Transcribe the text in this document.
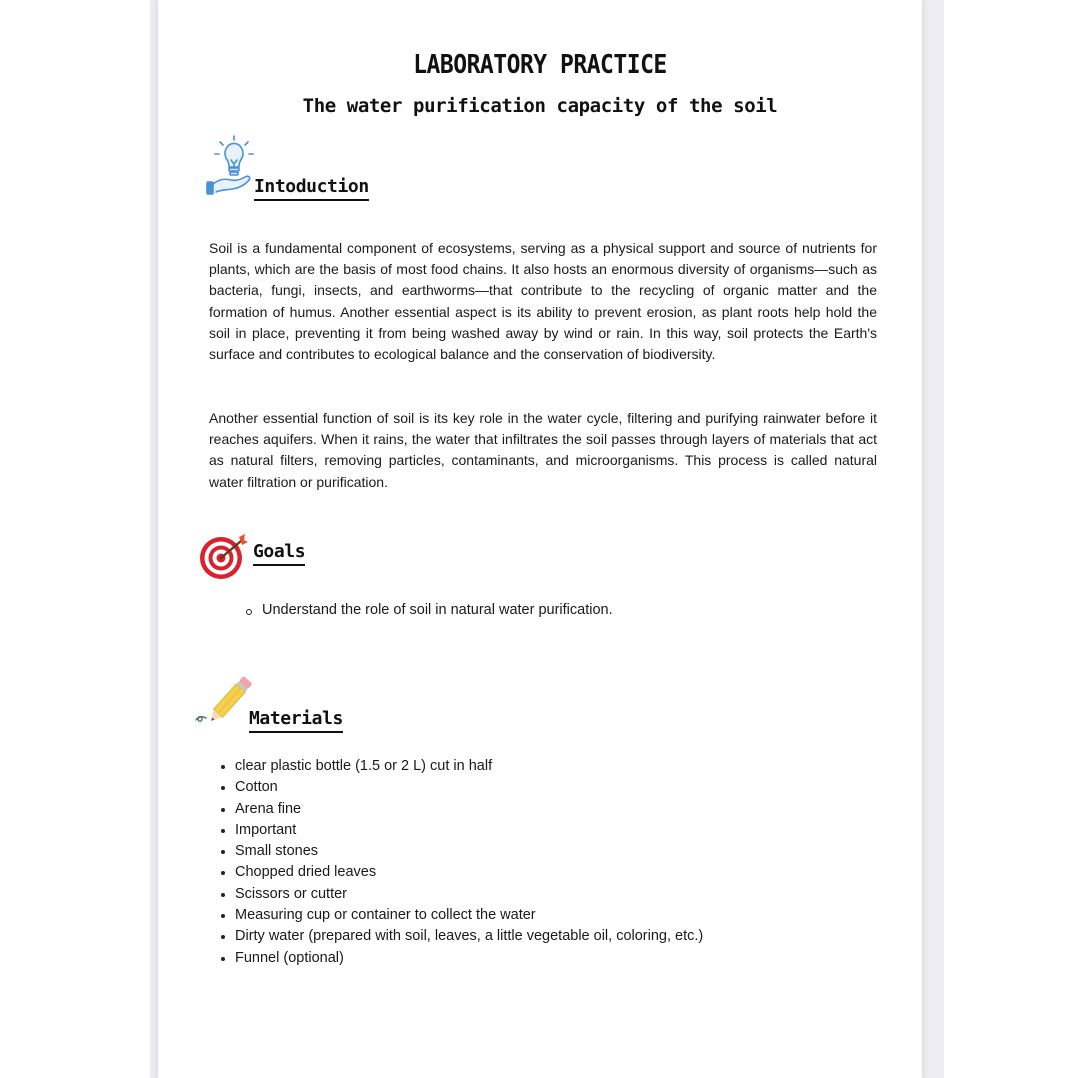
LABORATORY PRACTICE
The water purification capacity of the soil
Intoduction

Soil is a fundamental component of ecosystems, serving as a physical support and source of nutrients for plants, which are the basis of most food chains. It also hosts an enormous diversity of organisms—such as bacteria, fungi, insects, and earthworms—that contribute to the recycling of organic matter and the formation of humus. Another essential aspect is its ability to prevent erosion, as plant roots help hold the soil in place, preventing it from being washed away by wind or rain. In this way, soil protects the Earth's surface and contributes to ecological balance and the conservation of biodiversity.

Another essential function of soil is its key role in the water cycle, filtering and purifying rainwater before it reaches aquifers. When it rains, the water that infiltrates the soil passes through layers of materials that act as natural filters, removing particles, contaminants, and microorganisms. This process is called natural water filtration or purification.

Goals
Understand the role of soil in natural water purification.
Materials
clear plastic bottle (1.5 or 2 L) cut in half
Cotton
Arena fine
Important
Small stones
Chopped dried leaves
Scissors or cutter
Measuring cup or container to collect the water
Dirty water (prepared with soil, leaves, a little vegetable oil, coloring, etc.)
Funnel (optional)
